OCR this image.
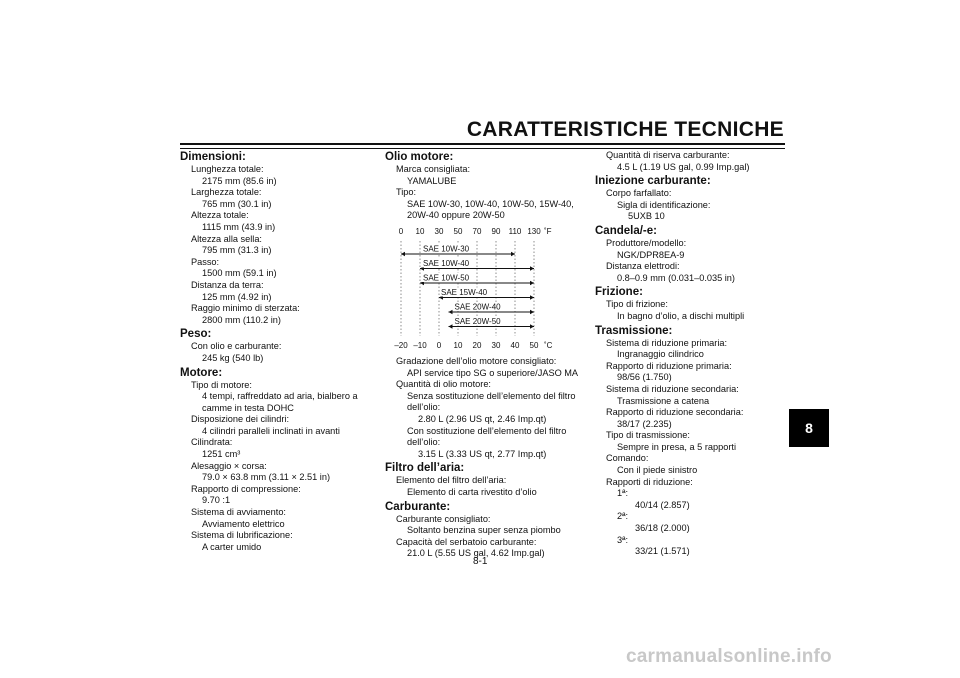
CARATTERISTICHE TECNICHE
Dimensioni:
Lunghezza totale:
2175 mm (85.6 in)
Larghezza totale:
765 mm (30.1 in)
Altezza totale:
1115 mm (43.9 in)
Altezza alla sella:
795 mm (31.3 in)
Passo:
1500 mm (59.1 in)
Distanza da terra:
125 mm (4.92 in)
Raggio minimo di sterzata:
2800 mm (110.2 in)
Peso:
Con olio e carburante:
245 kg (540 lb)
Motore:
Tipo di motore:
4 tempi, raffreddato ad aria, bialbero a
camme in testa DOHC
Disposizione dei cilindri:
4 cilindri paralleli inclinati in avanti
Cilindrata:
1251 cm³
Alesaggio × corsa:
79.0 × 63.8 mm (3.11 × 2.51 in)
Rapporto di compressione:
9.70 :1
Sistema di avviamento:
Avviamento elettrico
Sistema di lubrificazione:
A carter umido
Olio motore:
Marca consigliata:
YAMALUBE
Tipo:
SAE 10W-30, 10W-40, 10W-50, 15W-40,
20W-40 oppure 20W-50
0 10 30 50 70 90 110 130 ˚F
–20 –10 0 10 20 30 40 50 ˚C
SAE 10W-30
SAE 10W-40
SAE 10W-50
SAE 15W-40
SAE 20W-40
SAE 20W-50
Gradazione dell’olio motore consigliato:
API service tipo SG o superiore/JASO MA
Quantità di olio motore:
Senza sostituzione dell’elemento del filtro
dell’olio:
2.80 L (2.96 US qt, 2.46 Imp.qt)
Con sostituzione dell’elemento del filtro
dell’olio:
3.15 L (3.33 US qt, 2.77 Imp.qt)
Filtro dell’aria:
Elemento del filtro dell’aria:
Elemento di carta rivestito d’olio
Carburante:
Carburante consigliato:
Soltanto benzina super senza piombo
Capacità del serbatoio carburante:
21.0 L (5.55 US gal, 4.62 Imp.gal)
Quantità di riserva carburante:
4.5 L (1.19 US gal, 0.99 Imp.gal)
Iniezione carburante:
Corpo farfallato:
Sigla di identificazione:
5UXB 10
Candela/-e:
Produttore/modello:
NGK/DPR8EA-9
Distanza elettrodi:
0.8–0.9 mm (0.031–0.035 in)
Frizione:
Tipo di frizione:
In bagno d’olio, a dischi multipli
Trasmissione:
Sistema di riduzione primaria:
Ingranaggio cilindrico
Rapporto di riduzione primaria:
98/56 (1.750)
Sistema di riduzione secondaria:
Trasmissione a catena
Rapporto di riduzione secondaria:
38/17 (2.235)
Tipo di trasmissione:
Sempre in presa, a 5 rapporti
Comando:
Con il piede sinistro
Rapporti di riduzione:
1ª:
40/14 (2.857)
2ª:
36/18 (2.000)
3ª:
33/21 (1.571)
8
8-1
carmanualsonline.info
